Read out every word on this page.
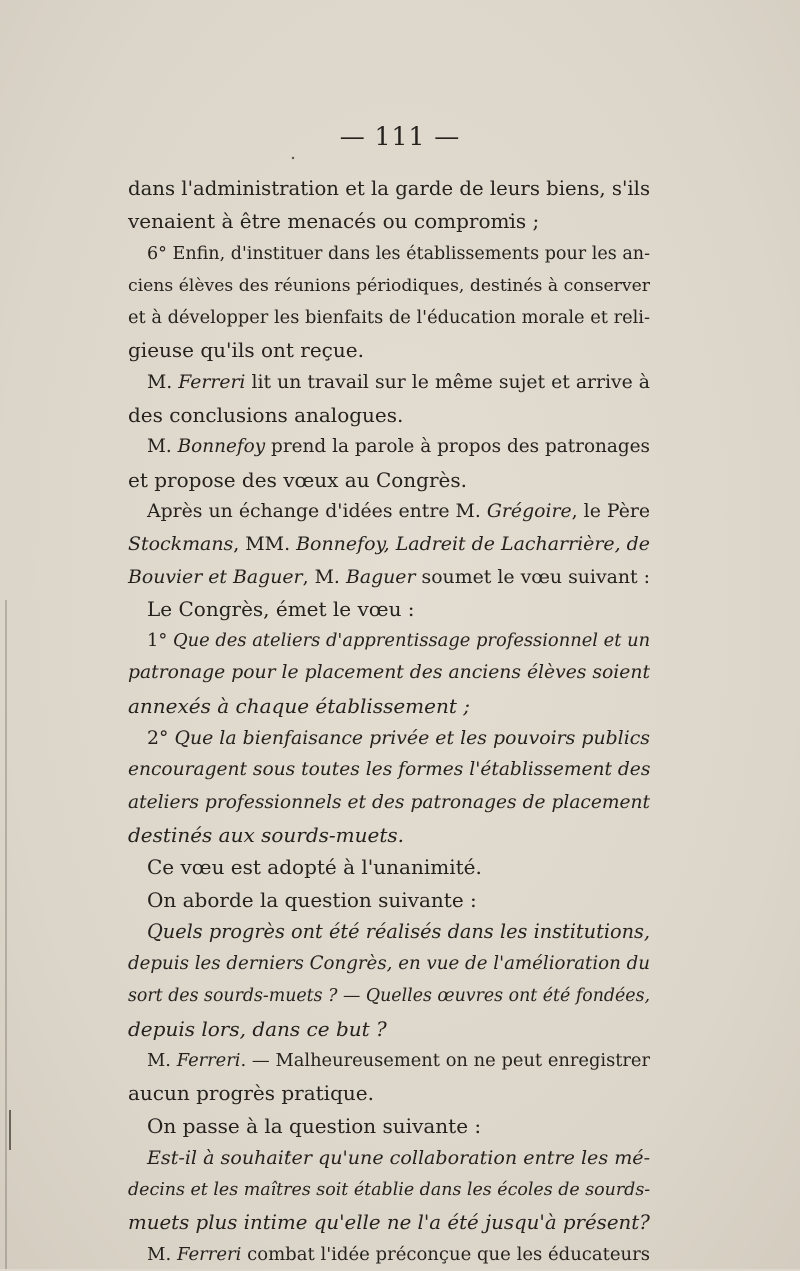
— 111 —
dans l'administration et la garde de leurs biens, s'ils
venaient à être menacés ou compromis ;
6° Enfin, d'instituer dans les établissements pour les an-
ciens élèves des réunions périodiques, destinés à conserver
et à développer les bienfaits de l'éducation morale et reli-
gieuse qu'ils ont reçue.
M. Ferreri lit un travail sur le même sujet et arrive à
des conclusions analogues.
M. Bonnefoy prend la parole à propos des patronages
et propose des vœux au Congrès.
Après un échange d'idées entre M. Grégoire, le Père
Stockmans, MM. Bonnefoy, Ladreit de Lacharrière, de
Bouvier et Baguer, M. Baguer soumet le vœu suivant :
Le Congrès, émet le vœu :
1° Que des ateliers d'apprentissage professionnel et un
patronage pour le placement des anciens élèves soient
annexés à chaque établissement ;
2° Que la bienfaisance privée et les pouvoirs publics
encouragent sous toutes les formes l'établissement des
ateliers professionnels et des patronages de placement
destinés aux sourds-muets.
Ce vœu est adopté à l'unanimité.
On aborde la question suivante :
Quels progrès ont été réalisés dans les institutions,
depuis les derniers Congrès, en vue de l'amélioration du
sort des sourds-muets ? — Quelles œuvres ont été fondées,
depuis lors, dans ce but ?
M. Ferreri. — Malheureusement on ne peut enregistrer
aucun progrès pratique.
On passe à la question suivante :
Est-il à souhaiter qu'une collaboration entre les mé-
decins et les maîtres soit établie dans les écoles de sourds-
muets plus intime qu'elle ne l'a été jusqu'à présent?
M. Ferreri combat l'idée préconçue que les éducateurs
